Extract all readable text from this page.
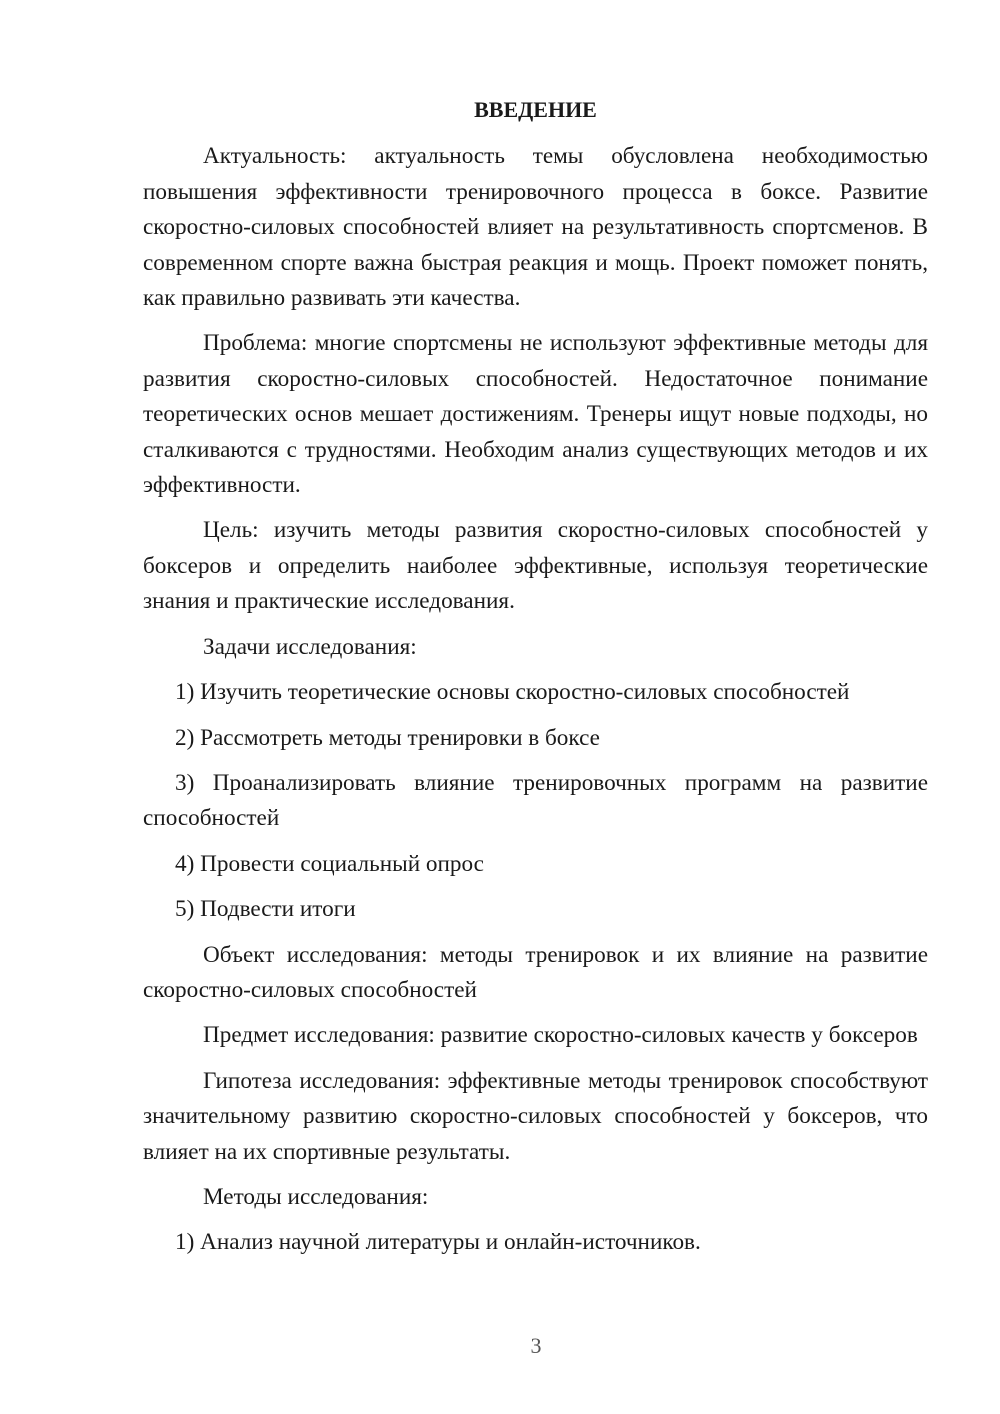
ВВЕДЕНИЕ

Актуальность: актуальность темы обусловлена необходимостью повышения эффективности тренировочного процесса в боксе. Развитие скоростно-силовых способностей влияет на результативность спортсменов. В современном спорте важна быстрая реакция и мощь. Проект поможет понять, как правильно развивать эти качества.

Проблема: многие спортсмены не используют эффективные методы для развития скоростно-силовых способностей. Недостаточное понимание теоретических основ мешает достижениям. Тренеры ищут новые подходы, но сталкиваются с трудностями. Необходим анализ существующих методов и их эффективности.

Цель: изучить методы развития скоростно-силовых способностей у боксеров и определить наиболее эффективные, используя теоретические знания и практические исследования.

Задачи исследования:

1) Изучить теоретические основы скоростно-силовых способностей

2) Рассмотреть методы тренировки в боксе

3) Проанализировать влияние тренировочных программ на развитие способностей

4) Провести социальный опрос

5) Подвести итоги

Объект исследования: методы тренировок и их влияние на развитие скоростно-силовых способностей

Предмет исследования: развитие скоростно-силовых качеств у боксеров

Гипотеза исследования: эффективные методы тренировок способствуют значительному развитию скоростно-силовых способностей у боксеров, что влияет на их спортивные результаты.

Методы исследования:

1) Анализ научной литературы и онлайн-источников.

3
